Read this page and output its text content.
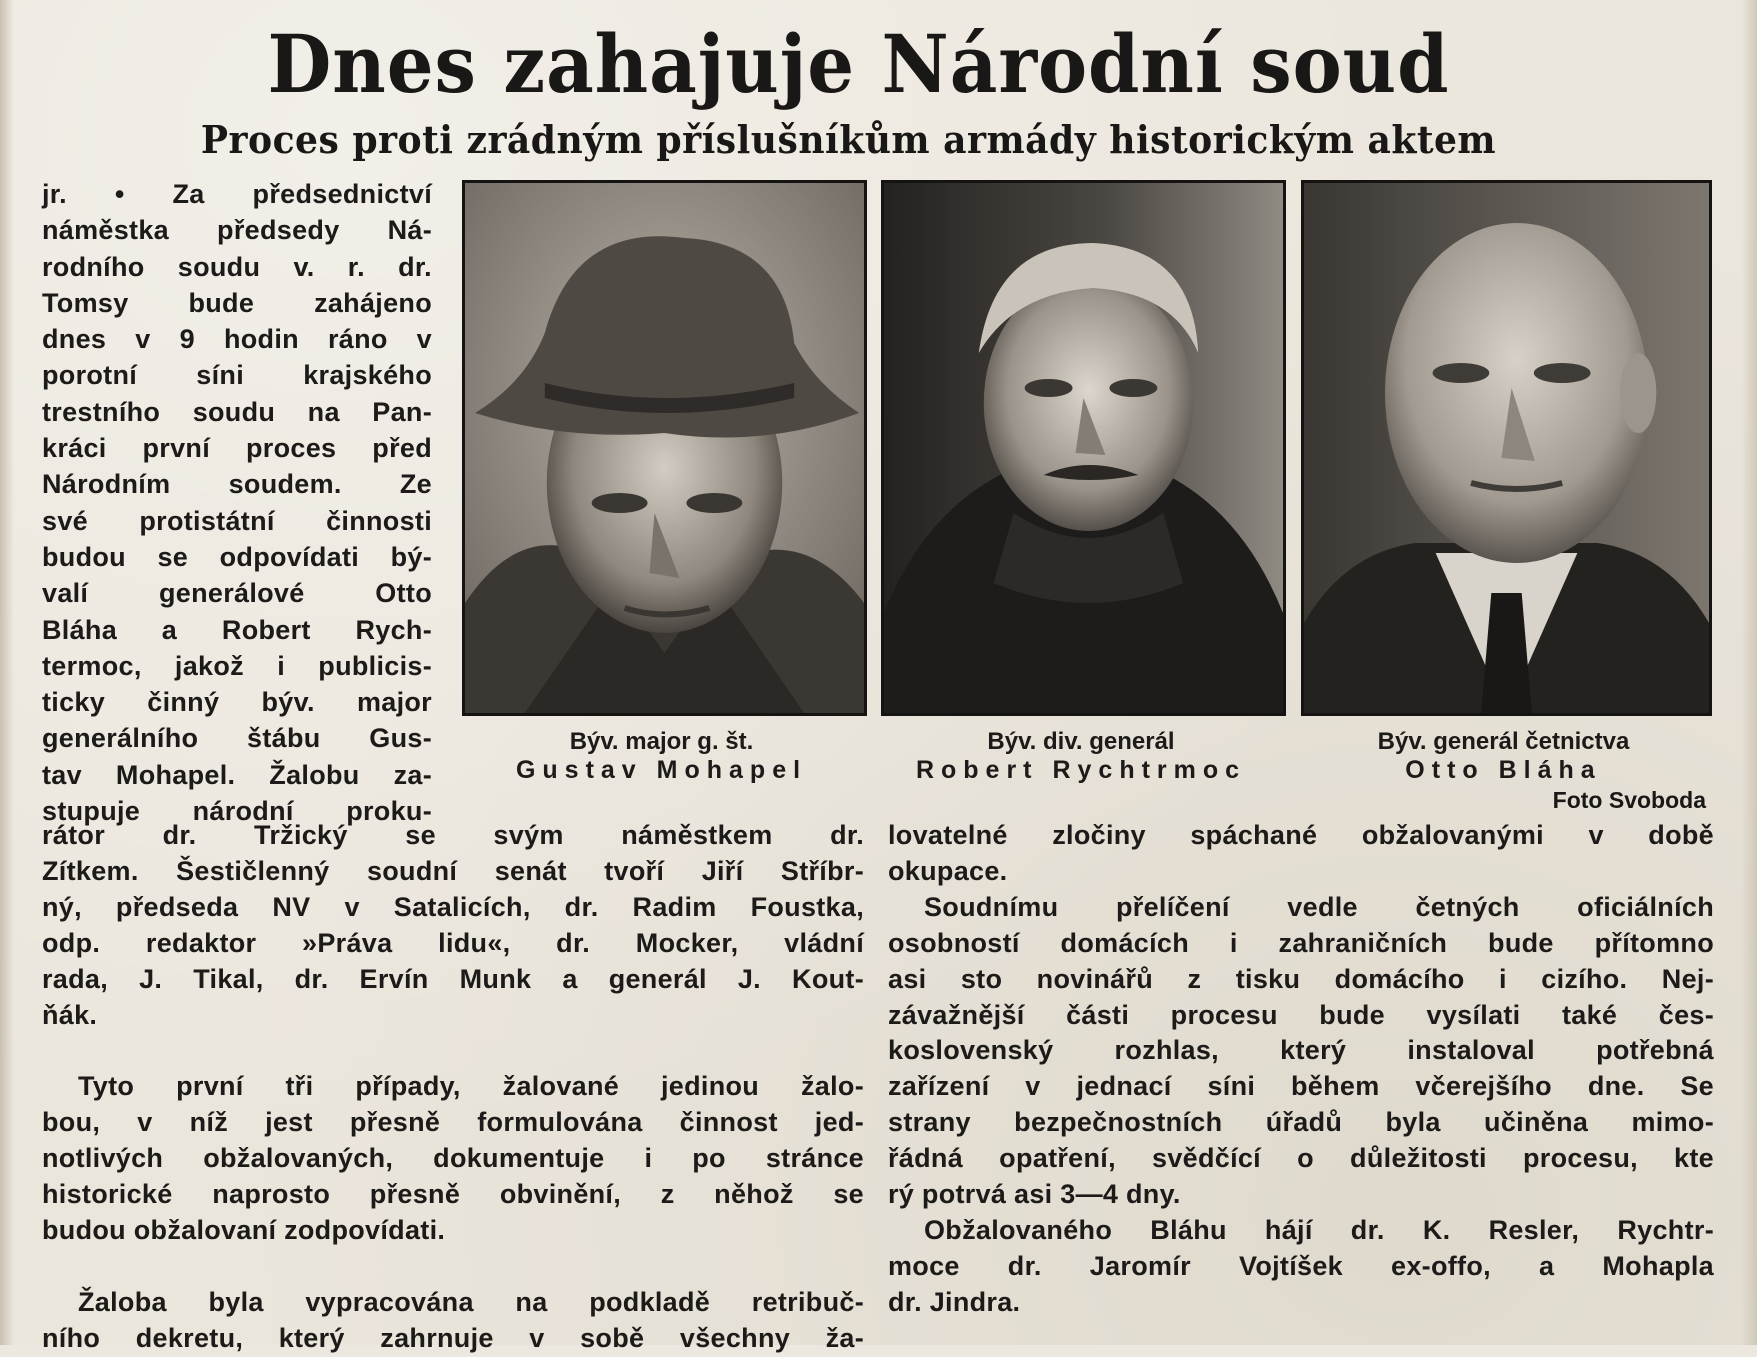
Dnes zahajuje Národní soud
Proces proti zrádným příslušníkům armády historickým aktem

jr. • Za předsednictví

náměstka předsedy Ná-

rodního soudu v. r. dr.

Tomsy bude zahájeno

dnes v 9 hodin ráno v

porotní síni krajského

trestního soudu na Pan-

kráci první proces před

Národním soudem. Ze

své protistátní činnosti

budou se odpovídati bý-

valí generálové Otto

Bláha a Robert Rych-

termoc, jakož i publicis-

ticky činný býv. major

generálního štábu Gus-

tav Mohapel. Žalobu za-

stupuje národní proku-

Býv. major g. št.
Gustav Mohapel
Býv. div. generál
Robert Rychtrmoc
Býv. generál četnictva
Otto Bláha
Foto Svoboda

rátor dr. Tržický se svým náměstkem dr.

Zítkem. Šestičlenný soudní senát tvoří Jiří Stříbr-

ný, předseda NV v Satalicích, dr. Radim Foustka,

odp. redaktor »Práva lidu«, dr. Mocker, vládní

rada, J. Tikal, dr. Ervín Munk a generál J. Kout-

ňák.

Tyto první tři případy, žalované jedinou žalo-

bou, v níž jest přesně formulována činnost jed-

notlivých obžalovaných, dokumentuje i po stránce

historické naprosto přesně obvinění, z něhož se

budou obžalovaní zodpovídati.

Žaloba byla vypracována na podkladě retribuč-

ního dekretu, který zahrnuje v sobě všechny ža-

lovatelné zločiny spáchané obžalovanými v době

okupace.

Soudnímu přelíčení vedle četných oficiálních

osobností domácích i zahraničních bude přítomno

asi sto novinářů z tisku domácího i cizího. Nej-

závažnější části procesu bude vysílati také čes-

koslovenský rozhlas, který instaloval potřebná

zařízení v jednací síni během včerejšího dne. Se

strany bezpečnostních úřadů byla učiněna mimo-

řádná opatření, svědčící o důležitosti procesu, kte

rý potrvá asi 3—4 dny.

Obžalovaného Bláhu hájí dr. K. Resler, Rychtr-

moce dr. Jaromír Vojtíšek ex-offo, a Mohapla

dr. Jindra.
